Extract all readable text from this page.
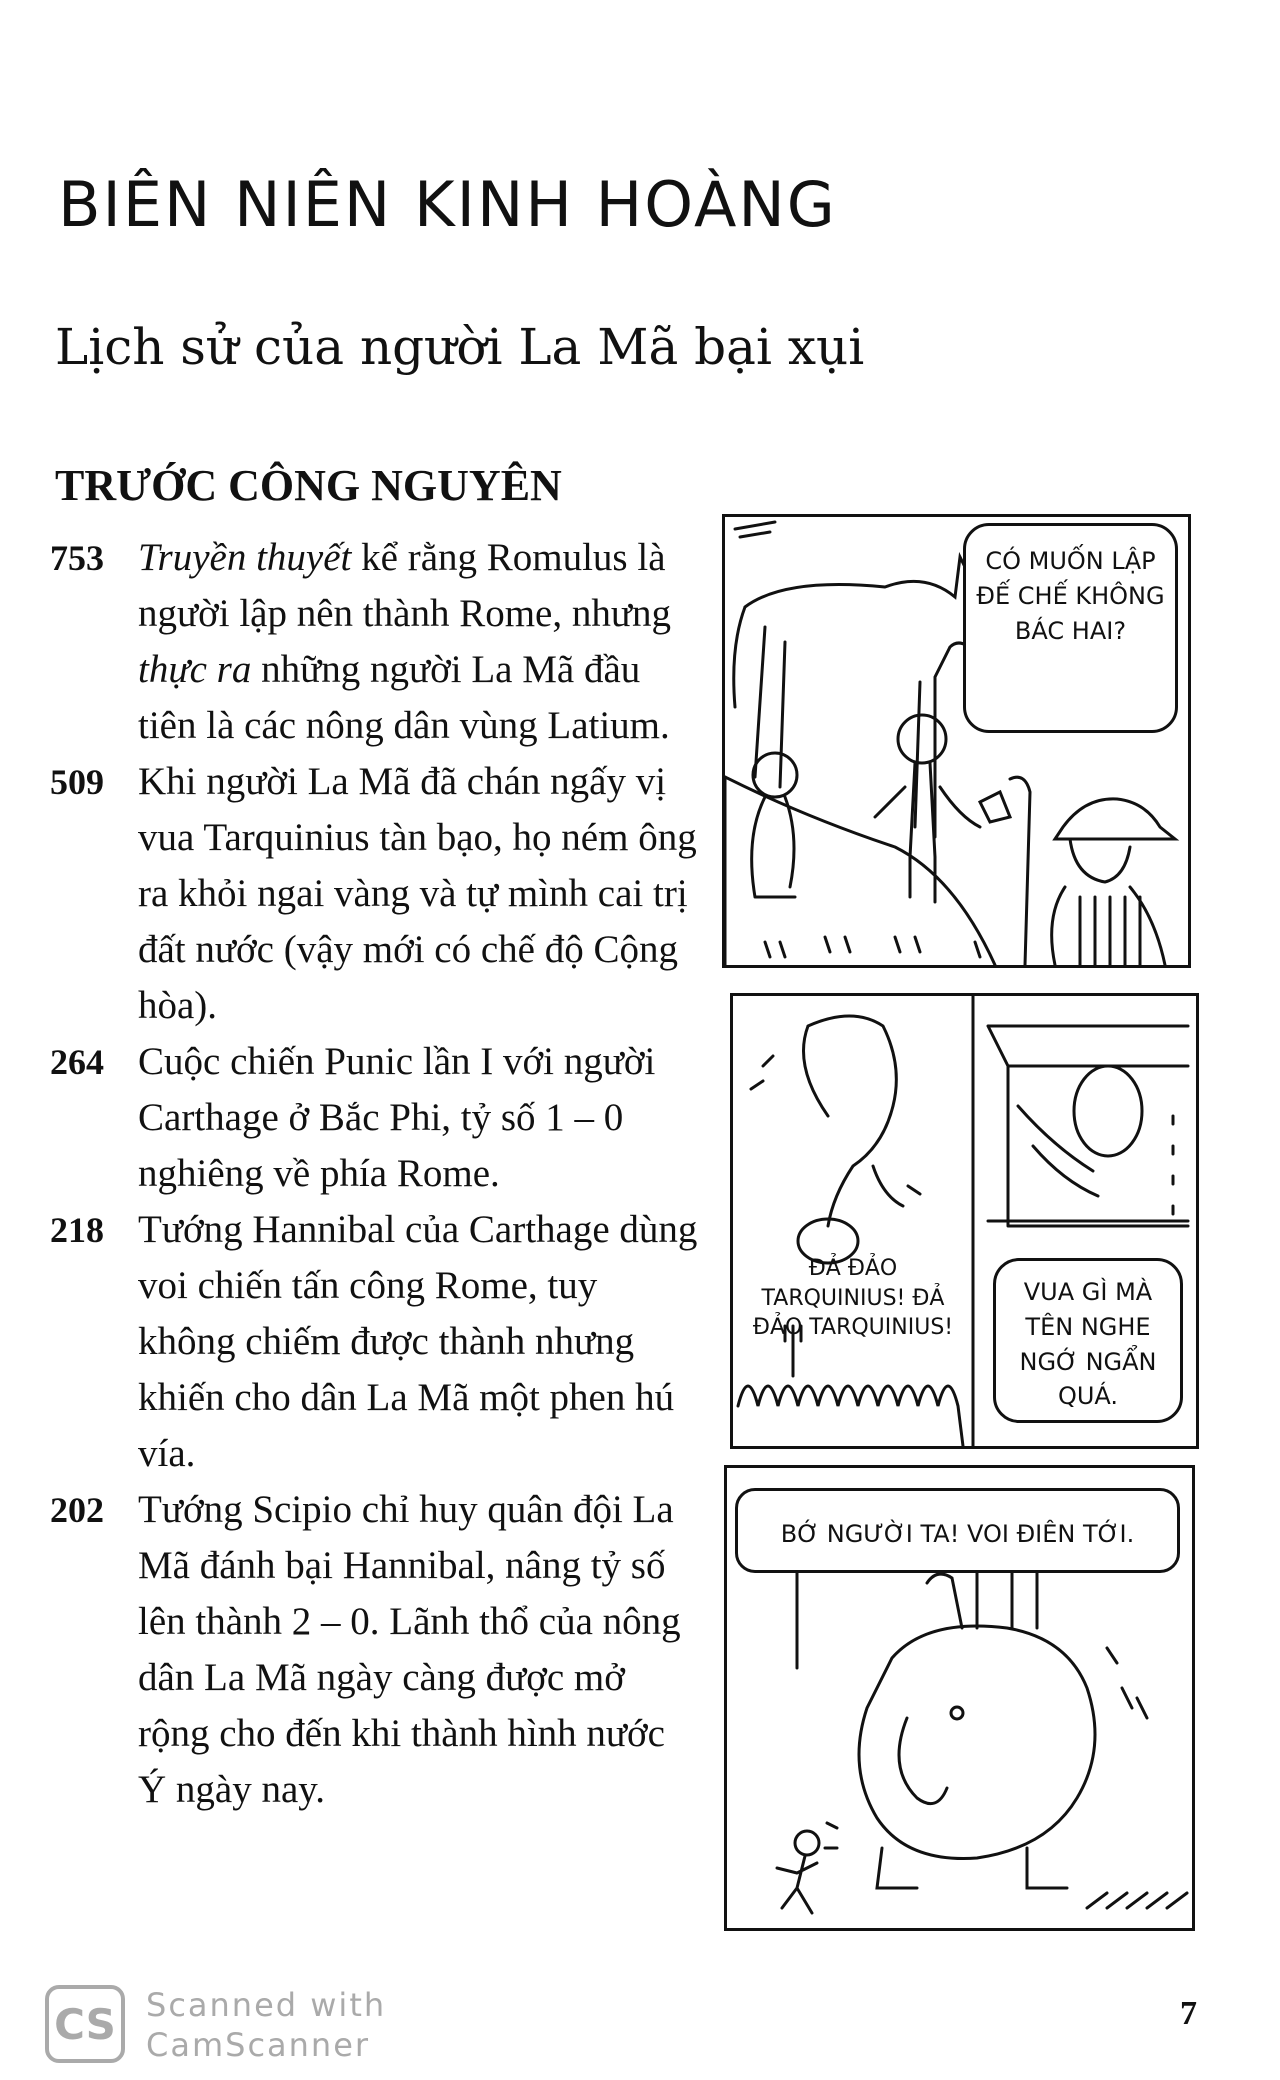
BIÊN NIÊN KINH HOÀNG
Lịch sử của người La Mã bại xụi
TRƯỚC CÔNG NGUYÊN
753 Truyền thuyết kể rằng Romulus là người lập nên thành Rome, nhưng thực ra những người La Mã đầu tiên là các nông dân vùng Latium.
509 Khi người La Mã đã chán ngấy vị vua Tarquinius tàn bạo, họ ném ông ra khỏi ngai vàng và tự mình cai trị đất nước (vậy mới có chế độ Cộng hòa).
264 Cuộc chiến Punic lần I với người Carthage ở Bắc Phi, tỷ số 1 – 0 nghiêng về phía Rome.
218 Tướng Hannibal của Carthage dùng voi chiến tấn công Rome, tuy không chiếm được thành nhưng khiến cho dân La Mã một phen hú vía.
202 Tướng Scipio chỉ huy quân đội La Mã đánh bại Hannibal, nâng tỷ số lên thành 2 – 0. Lãnh thổ của nông dân La Mã ngày càng được mở rộng cho đến khi thành hình nước Ý ngày nay.
CÓ MUỐN LẬP ĐẾ CHẾ KHÔNG BÁC HAI?
ĐẢ ĐẢO TARQUINIUS! ĐẢ ĐẢO TARQUINIUS!
VUA GÌ MÀ TÊN NGHE NGỚ NGẨN QUÁ.
BỚ NGƯỜI TA! VOI ĐIÊN TỚI.
CS Scanned with
CamScanner
7
